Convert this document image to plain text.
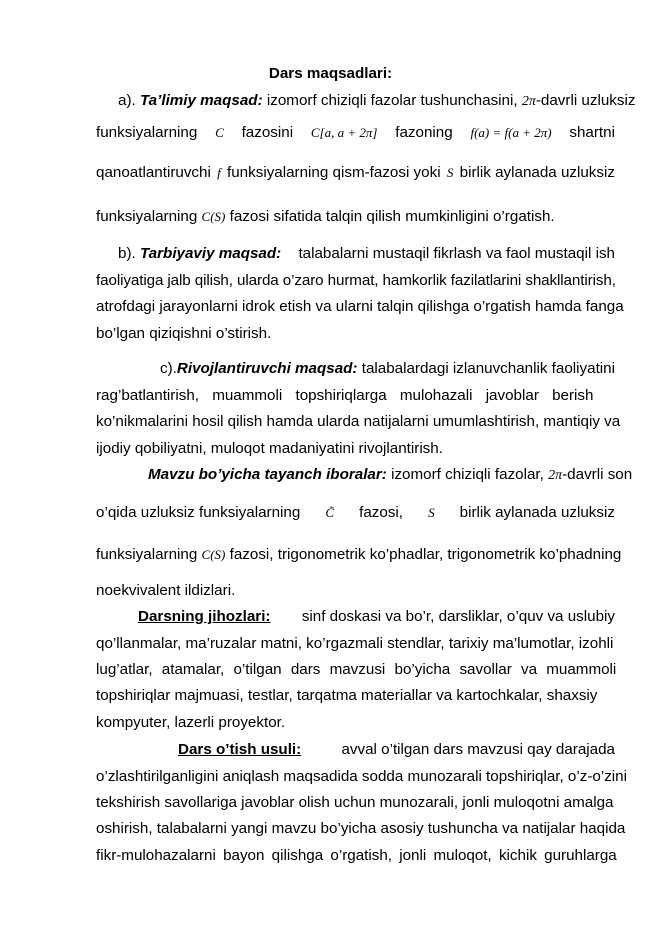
Dars maqsadlari:
a). Ta’limiy maqsad: izomorf chiziqli fazolar tushunchasini, 2π-davrli uzluksiz
funksiyalarning C fazosini C[a, a + 2π] fazoning f(a) = f(a + 2π) shartni
qanoatlantiruvchi f funksiyalarning qism-fazosi yoki S birlik aylanada uzluksiz
funksiyalarning C(S) fazosi sifatida talqin qilish mumkinligini o’rgatish.
b). Tarbiyaviy maqsad: talabalarni mustaqil fikrlash va faol mustaqil ish
faoliyatiga jalb qilish, ularda o’zaro hurmat, hamkorlik fazilatlarini shakllantirish,
atrofdagi jarayonlarni idrok etish va ularni talqin qilishga o’rgatish hamda fanga
bo’lgan qiziqishni o’stirish.
c).Rivojlantiruvchi maqsad: talabalardagi izlanuvchanlik faoliyatini
rag’batlantirish, muammoli topshiriqlarga mulohazali javoblar berish
ko’nikmalarini hosil qilish hamda ularda natijalarni umumlashtirish, mantiqiy va
ijodiy qobiliyatni, muloqot madaniyatini rivojlantirish.
Mavzu bo’yicha tayanch iboralar: izomorf chiziqli fazolar, 2π-davrli son
o’qida uzluksiz funksiyalarning C̃ fazosi, S birlik aylanada uzluksiz
funksiyalarning C(S) fazosi, trigonometrik ko’phadlar, trigonometrik ko’phadning
noekvivalent ildizlari.
Darsning jihozlari: sinf doskasi va bo’r, darsliklar, o’quv va uslubiy
qo’llanmalar, ma’ruzalar matni, ko’rgazmali stendlar, tarixiy ma’lumotlar, izohli
lug’atlar, atamalar, o’tilgan dars mavzusi bo’yicha savollar va muammoli
topshiriqlar majmuasi, testlar, tarqatma materiallar va kartochkalar, shaxsiy
kompyuter, lazerli proyektor.
Dars o’tish usuli:	avval o’tilgan dars mavzusi qay darajada
o’zlashtirilganligini aniqlash maqsadida sodda munozarali topshiriqlar, o’z-o’zini
tekshirish savollariga javoblar olish uchun munozarali, jonli muloqotni amalga
oshirish, talabalarni yangi mavzu bo’yicha asosiy tushuncha va natijalar haqida
fikr-mulohazalarni bayon qilishga o’rgatish, jonli muloqot, kichik guruhlarga
